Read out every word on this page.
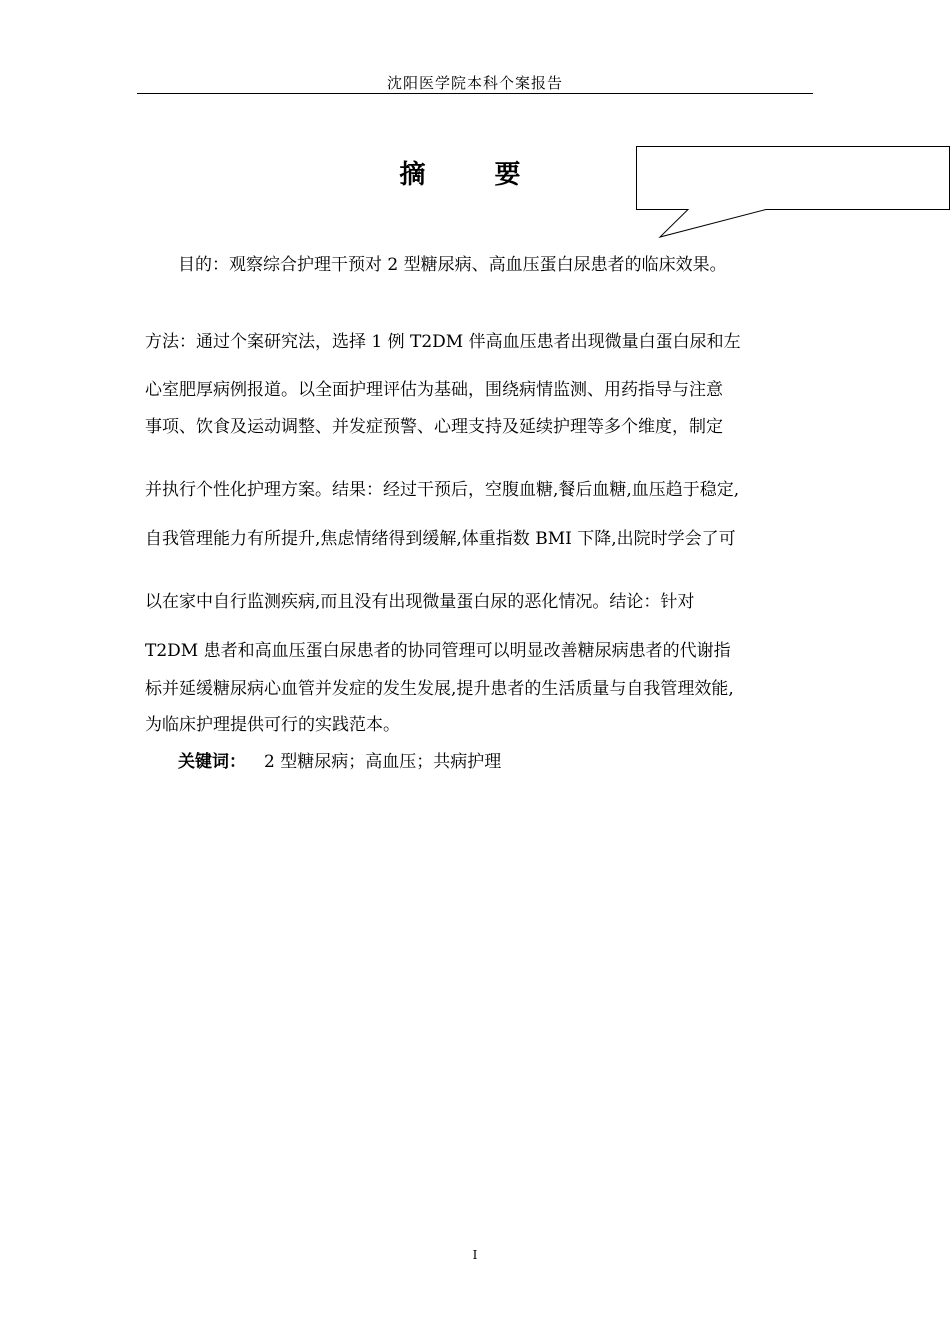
沈阳医学院本科个案报告
摘 要
目的：观察综合护理干预对 2 型糖尿病、高血压蛋白尿患者的临床效果。
方法：通过个案研究法，选择 1 例 T2DM 伴高血压患者出现微量白蛋白尿和左
心室肥厚病例报道。以全面护理评估为基础，围绕病情监测、用药指导与注意
事项、饮食及运动调整、并发症预警、心理支持及延续护理等多个维度，制定
并执行个性化护理方案。结果：经过干预后，空腹血糖,餐后血糖,血压趋于稳定,
自我管理能力有所提升,焦虑情绪得到缓解,体重指数 BMI 下降,出院时学会了可
以在家中自行监测疾病,而且没有出现微量蛋白尿的恶化情况。结论：针对
T2DM 患者和高血压蛋白尿患者的协同管理可以明显改善糖尿病患者的代谢指
标并延缓糖尿病心血管并发症的发生发展,提升患者的生活质量与自我管理效能,
为临床护理提供可行的实践范本。
关键词： 2 型糖尿病；高血压；共病护理
I
